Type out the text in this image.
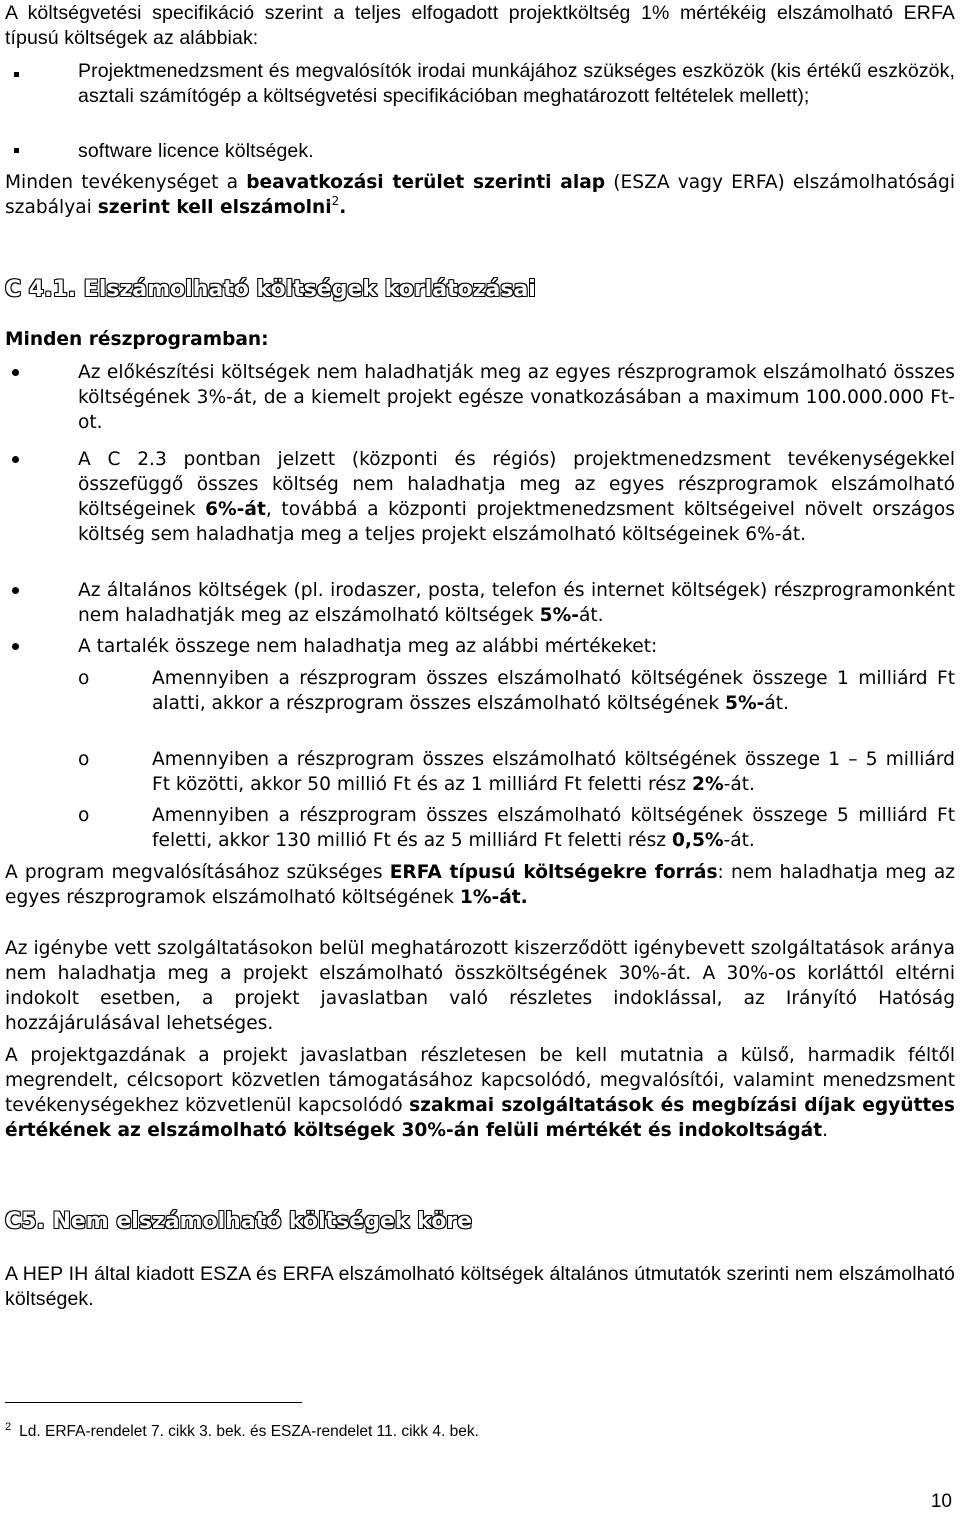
A költségvetési specifikáció szerint a teljes elfogadott projektköltség 1% mértékéig elszámolható ERFA típusú költségek az alábbiak:

Projektmenedzsment és megvalósítók irodai munkájához szükséges eszközök (kis értékű eszközök, asztali számítógép a költségvetési specifikációban meghatározott feltételek mellett);

software licence költségek.

Minden tevékenységet a beavatkozási terület szerinti alap (ESZA vagy ERFA) elszámolhatósági szabályai szerint kell elszámolni$^2$.

C 4.1. Elszámolható költségek korlátozásai

Minden részprogramban:

Az előkészítési költségek nem haladhatják meg az egyes részprogramok elszámolható összes költségének 3%-át, de a kiemelt projekt egésze vonatkozásában a maximum 100.000.000 Ft-ot.

A C 2.3 pontban jelzett (központi és régiós) projektmenedzsment tevékenységekkel összefüggő összes költség nem haladhatja meg az egyes részprogramok elszámolható költségeinek 6%-át, továbbá a központi projektmenedzsment költségeivel növelt országos költség sem haladhatja meg a teljes projekt elszámolható költségeinek 6%-át.

Az általános költségek (pl. irodaszer, posta, telefon és internet költségek) részprogramonként nem haladhatják meg az elszámolható költségek 5%-át.

A tartalék összege nem haladhatja meg az alábbi mértékeket:

o	Amennyiben a részprogram összes elszámolható költségének összege 1 milliárd Ft alatti, akkor a részprogram összes elszámolható költségének 5%-át.

o	Amennyiben a részprogram összes elszámolható költségének összege 1 – 5 milliárd Ft közötti, akkor 50 millió Ft és az 1 milliárd Ft feletti rész 2%-át.

o	Amennyiben a részprogram összes elszámolható költségének összege 5 milliárd Ft feletti, akkor 130 millió Ft és az 5 milliárd Ft feletti rész 0,5%-át.

A program megvalósításához szükséges ERFA típusú költségekre forrás: nem haladhatja meg az egyes részprogramok elszámolható költségének 1%-át.

Az igénybe vett szolgáltatásokon belül meghatározott kiszerződött igénybevett szolgáltatások aránya nem haladhatja meg a projekt elszámolható összköltségének 30%-át. A 30%-os korláttól eltérni indokolt esetben, a projekt javaslatban való részletes indoklással, az Irányító Hatóság hozzájárulásával lehetséges.

A projektgazdának a projekt javaslatban részletesen be kell mutatnia a külső, harmadik féltől megrendelt, célcsoport közvetlen támogatásához kapcsolódó, megvalósítói, valamint menedzsment tevékenységekhez közvetlenül kapcsolódó szakmai szolgáltatások és megbízási díjak együttes értékének az elszámolható költségek 30%-án felüli mértékét és indokoltságát.

C5. Nem elszámolható költségek köre

A HEP IH által kiadott ESZA és ERFA elszámolható költségek általános útmutatók szerinti nem elszámolható költségek.

$^2$ Ld. ERFA-rendelet 7. cikk 3. bek. és ESZA-rendelet 11. cikk 4. bek.

10
